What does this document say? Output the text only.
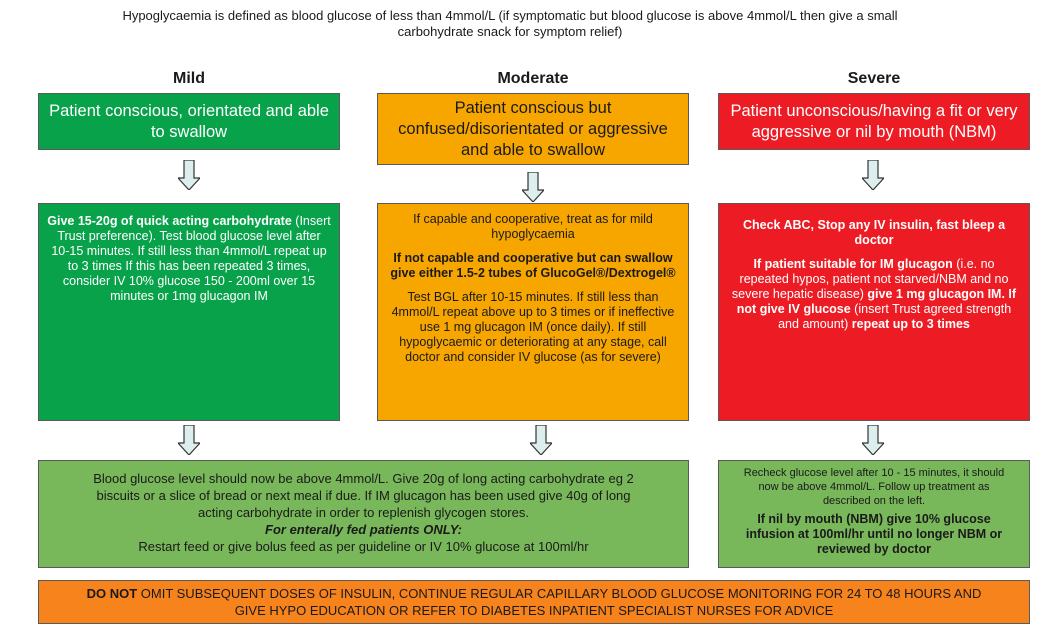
Hypoglycaemia is defined as blood glucose of less than 4mmol/L (if symptomatic but blood glucose is above 4mmol/L then give a small
carbohydrate snack for symptom relief)
Mild	Moderate	Severe
Patient conscious, orientated and able to swallow
Patient conscious but confused/disorientated or aggressive and able to swallow
Patient unconscious/having a fit or very aggressive or nil by mouth (NBM)

Give 15-20g of quick acting carbohydrate (Insert Trust preference). Test blood glucose level after 10-15 minutes. If still less than 4mmol/L repeat up to 3 times If this has been repeated 3 times, consider IV 10% glucose 150 - 200ml over 15 minutes or 1mg glucagon IM

If capable and cooperative, treat as for mild hypoglycaemia

If not capable and cooperative but can swallow give either 1.5-2 tubes of GlucoGel®/Dextrogel®

Test BGL after 10-15 minutes. If still less than 4mmol/L repeat above up to 3 times or if ineffective use 1 mg glucagon IM (once daily). If still hypoglycaemic or deteriorating at any stage, call doctor and consider IV glucose (as for severe)

Check ABC, Stop any IV insulin, fast bleep a doctor

If patient suitable for IM glucagon (i.e. no repeated hypos, patient not starved/NBM and no severe hepatic disease) give 1 mg glucagon IM. If not give IV glucose (insert Trust agreed strength and amount) repeat up to 3 times

Blood glucose level should now be above 4mmol/L. Give 20g of long acting carbohydrate eg 2 biscuits or a slice of bread or next meal if due. If IM glucagon has been used give 40g of long acting carbohydrate in order to replenish glycogen stores.

For enterally fed patients ONLY:

Restart feed or give bolus feed as per guideline or IV 10% glucose at 100ml/hr

Recheck glucose level after 10 - 15 minutes, it should now be above 4mmol/L. Follow up treatment as described on the left.

If nil by mouth (NBM) give 10% glucose infusion at 100ml/hr until no longer NBM or reviewed by doctor

DO NOT OMIT SUBSEQUENT DOSES OF INSULIN, CONTINUE REGULAR CAPILLARY BLOOD GLUCOSE MONITORING FOR 24 TO 48 HOURS AND GIVE HYPO EDUCATION OR REFER TO DIABETES INPATIENT SPECIALIST NURSES FOR ADVICE
